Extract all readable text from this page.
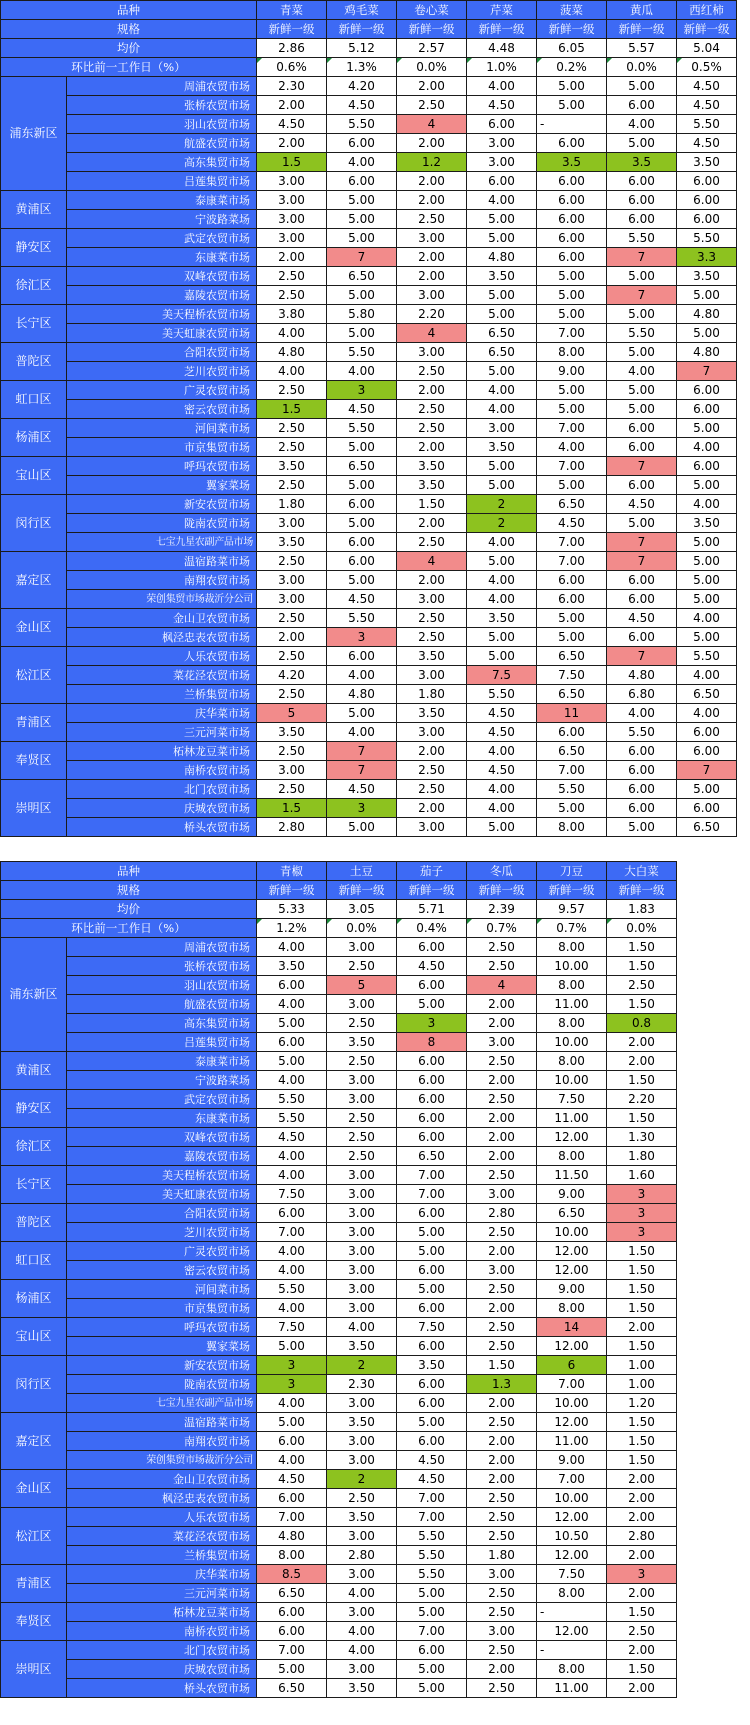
品种		青菜	鸡毛菜	卷心菜	芹菜	菠菜	黄瓜	西红柿
规格		新鲜一级	新鲜一级	新鲜一级	新鲜一级	新鲜一级	新鲜一级	新鲜一级
均价		2.86	5.12	2.57	4.48	6.05	5.57	5.04
环比前一工作日（%）		0.6%	1.3%	0.0%	1.0%	0.2%	0.0%	0.5%
浦东新区	周浦农贸市场	2.30	4.20	2.00	4.00	5.00	5.00	4.50
	张桥农贸市场	2.00	4.50	2.50	4.50	5.00	6.00	4.50
	羽山农贸市场	4.50	5.50	4	6.00	-	4.00	5.50
	航盛农贸市场	2.00	6.00	2.00	3.00	6.00	5.00	4.50
	高东集贸市场	1.5	4.00	1.2	3.00	3.5	3.5	3.50
	吕莲集贸市场	3.00	6.00	2.00	6.00	6.00	6.00	6.00
黄浦区	泰康菜市场	3.00	5.00	2.00	4.00	6.00	6.00	6.00
	宁波路菜场	3.00	5.00	2.50	5.00	6.00	6.00	6.00
静安区	武定农贸市场	3.00	5.00	3.00	5.00	6.00	5.50	5.50
	东康菜市场	2.00	7	2.00	4.80	6.00	7	3.3
徐汇区	双峰农贸市场	2.50	6.50	2.00	3.50	5.00	5.00	3.50
	嘉陵农贸市场	2.50	5.00	3.00	5.00	5.00	7	5.00
长宁区	美天程桥农贸市场	3.80	5.80	2.20	5.00	5.00	5.00	4.80
	美天虹康农贸市场	4.00	5.00	4	6.50	7.00	5.50	5.00
普陀区	合阳农贸市场	4.80	5.50	3.00	6.50	8.00	5.00	4.80
	芝川农贸市场	4.00	4.00	2.50	5.00	9.00	4.00	7
虹口区	广灵农贸市场	2.50	3	2.00	4.00	5.00	5.00	6.00
	密云农贸市场	1.5	4.50	2.50	4.00	5.00	5.00	6.00
杨浦区	河间菜市场	2.50	5.50	2.50	3.00	7.00	6.00	5.00
	市京集贸市场	2.50	5.00	2.00	3.50	4.00	6.00	4.00
宝山区	呼玛农贸市场	3.50	6.50	3.50	5.00	7.00	7	6.00
	翼家菜场	2.50	5.00	3.50	5.00	5.00	6.00	5.00
闵行区	新安农贸市场	1.80	6.00	1.50	2	6.50	4.50	4.00
	陇南农贸市场	3.00	5.00	2.00	2	4.50	5.00	3.50
	七宝九星农副产品市场	3.50	6.00	2.50	4.00	7.00	7	5.00
嘉定区	温宿路菜市场	2.50	6.00	4	5.00	7.00	7	5.00
	南翔农贸市场	3.00	5.00	2.00	4.00	6.00	6.00	5.00
	荣创集贸市场裁沂分公司	3.00	4.50	3.00	4.00	6.00	6.00	5.00
金山区	金山卫农贸市场	2.50	5.50	2.50	3.50	5.00	4.50	4.00
	枫泾忠表农贸市场	2.00	3	2.50	5.00	5.00	6.00	5.00
松江区	人乐农贸市场	2.50	6.00	3.50	5.00	6.50	7	5.50
	菜花泾农贸市场	4.20	4.00	3.00	7.5	7.50	4.80	4.00
	兰桥集贸市场	2.50	4.80	1.80	5.50	6.50	6.80	6.50
青浦区	庆华菜市场	5	5.00	3.50	4.50	11	4.00	4.00
	三元河菜市场	3.50	4.00	3.00	4.50	6.00	5.50	6.00
奉贤区	柘林龙豆菜市场	2.50	7	2.00	4.00	6.50	6.00	6.00
	南桥农贸市场	3.00	7	2.50	4.50	7.00	6.00	7
崇明区	北门农贸市场	2.50	4.50	2.50	4.00	5.50	6.00	5.00
	庆城农贸市场	1.5	3	2.00	4.00	5.00	6.00	6.00
	桥头农贸市场	2.80	5.00	3.00	5.00	8.00	5.00	6.50
品种		青椒	土豆	茄子	冬瓜	刀豆	大白菜	
规格		新鲜一级	新鲜一级	新鲜一级	新鲜一级	新鲜一级	新鲜一级	
均价		5.33	3.05	5.71	2.39	9.57	1.83	
环比前一工作日（%）		1.2%	0.0%	0.4%	0.7%	0.7%	0.0%	
浦东新区	周浦农贸市场	4.00	3.00	6.00	2.50	8.00	1.50	
	张桥农贸市场	3.50	2.50	4.50	2.50	10.00	1.50	
	羽山农贸市场	6.00	5	6.00	4	8.00	2.50	
	航盛农贸市场	4.00	3.00	5.00	2.00	11.00	1.50	
	高东集贸市场	5.00	2.50	3	2.00	8.00	0.8	
	吕莲集贸市场	6.00	3.50	8	3.00	10.00	2.00	
黄浦区	泰康菜市场	5.00	2.50	6.00	2.50	8.00	2.00	
	宁波路菜场	4.00	3.00	6.00	2.00	10.00	1.50	
静安区	武定农贸市场	5.50	3.00	6.00	2.50	7.50	2.20	
	东康菜市场	5.50	2.50	6.00	2.00	11.00	1.50	
徐汇区	双峰农贸市场	4.50	2.50	6.00	2.00	12.00	1.30	
	嘉陵农贸市场	4.00	2.50	6.50	2.00	8.00	1.80	
长宁区	美天程桥农贸市场	4.00	3.00	7.00	2.50	11.50	1.60	
	美天虹康农贸市场	7.50	3.00	7.00	3.00	9.00	3	
普陀区	合阳农贸市场	6.00	3.00	6.00	2.80	6.50	3	
	芝川农贸市场	7.00	3.00	5.00	2.50	10.00	3	
虹口区	广灵农贸市场	4.00	3.00	5.00	2.00	12.00	1.50	
	密云农贸市场	4.00	3.00	6.00	3.00	12.00	1.50	
杨浦区	河间菜市场	5.50	3.00	5.00	2.50	9.00	1.50	
	市京集贸市场	4.00	3.00	6.00	2.00	8.00	1.50	
宝山区	呼玛农贸市场	7.50	4.00	7.50	2.50	14	2.00	
	翼家菜场	5.00	3.50	6.00	2.50	12.00	1.50	
闵行区	新安农贸市场	3	2	3.50	1.50	6	1.00	
	陇南农贸市场	3	2.30	6.00	1.3	7.00	1.00	
	七宝九星农副产品市场	4.00	3.00	6.00	2.00	10.00	1.20	
嘉定区	温宿路菜市场	5.00	3.50	5.00	2.50	12.00	1.50	
	南翔农贸市场	6.00	3.00	6.00	2.00	11.00	1.50	
	荣创集贸市场裁沂分公司	4.00	3.00	4.50	2.00	9.00	1.50	
金山区	金山卫农贸市场	4.50	2	4.50	2.00	7.00	2.00	
	枫泾忠表农贸市场	6.00	2.50	7.00	2.50	10.00	2.00	
松江区	人乐农贸市场	7.00	3.50	7.00	2.50	12.00	2.00	
	菜花泾农贸市场	4.80	3.00	5.50	2.50	10.50	2.80	
	兰桥集贸市场	8.00	2.80	5.50	1.80	12.00	2.00	
青浦区	庆华菜市场	8.5	3.00	5.50	3.00	7.50	3	
	三元河菜市场	6.50	4.00	5.00	2.50	8.00	2.00	
奉贤区	柘林龙豆菜市场	6.00	3.00	5.00	2.50	-	1.50	
	南桥农贸市场	6.00	4.00	7.00	3.00	12.00	2.50	
崇明区	北门农贸市场	7.00	4.00	6.00	2.50	-	2.00	
	庆城农贸市场	5.00	3.00	5.00	2.00	8.00	1.50	
	桥头农贸市场	6.50	3.50	5.00	2.50	11.00	2.00	
